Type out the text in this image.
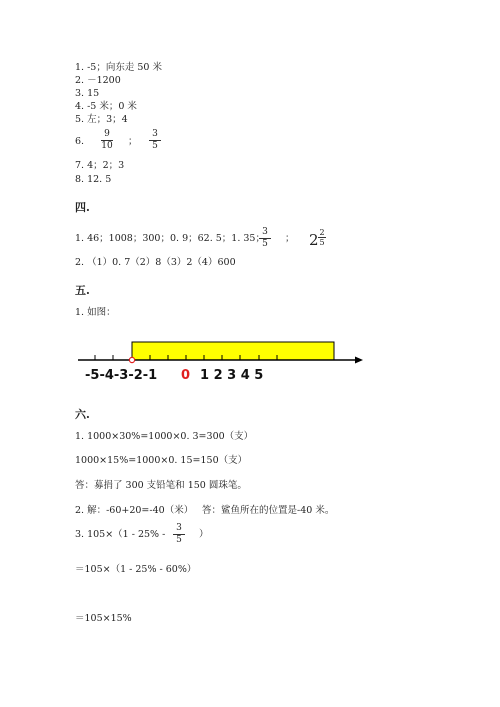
1. -5；向东走 50 米
2. －1200
3. 15
4. -5 米；0 米
5. 左；3；4
6.
9
10 ；
3
5
7. 4；2；3
8. 12. 5
四.
1. 46；1008；300；0. 9；62. 5；1. 35；
3
5	； 2 2
5
2. （1）0. 7（2）8（3）2（4）600
五.
1. 如图：
-5-4-3-2-1 0 1 2 3 4 5
六.
1. 1000×30%=1000×0. 3=300（支）
1000×15%=1000×0. 15=150（支）
答：募捐了 300 支铅笔和 150 圆珠笔。
2. 解：-60+20=-40（米） 答：鲨鱼所在的位置是-40 米。
3. 105×（1 - 25% -
3
5	）
＝105×（1 - 25% - 60%）
＝105×15%
